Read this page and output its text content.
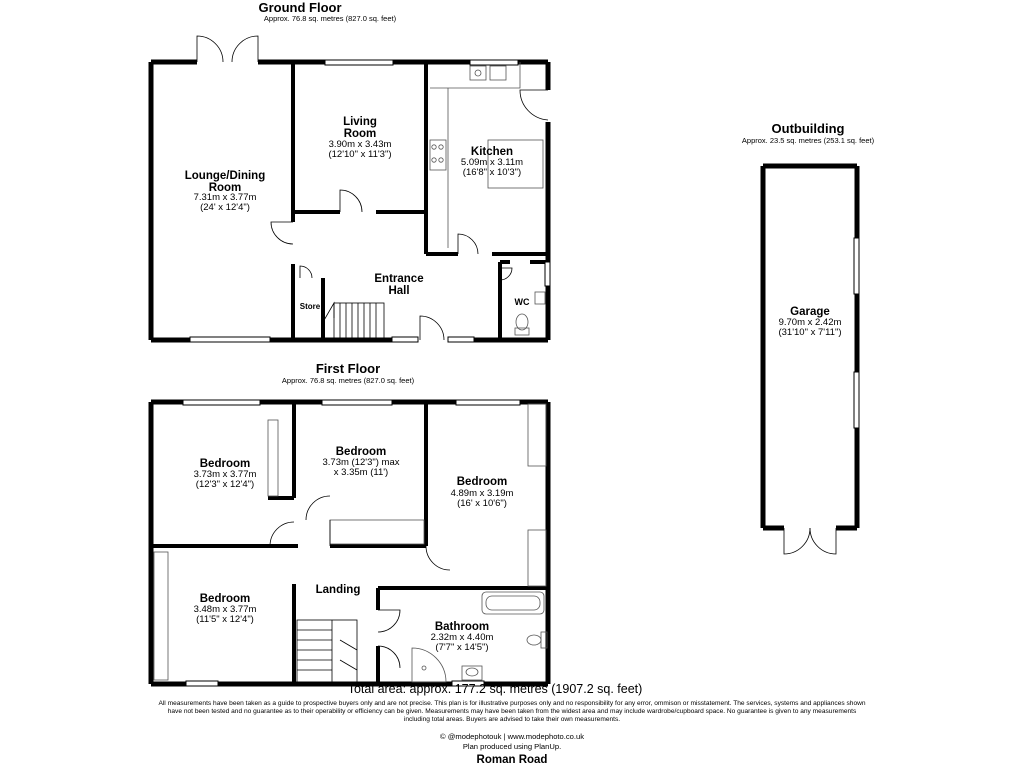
Ground Floor
Approx. 76.8 sq. metres (827.0 sq. feet)
First Floor
Approx. 76.8 sq. metres (827.0 sq. feet)
Outbuilding
Approx. 23.5 sq. metres (253.1 sq. feet)
Lounge/Dining
Room
7.31m x 3.77m
(24' x 12'4")
Living
Room
3.90m x 3.43m
(12'10" x 11'3")	Kitchen
5.09m x 3.11m
(16'8" x 10'3")
Entrance
Hall
Store	WC
Bedroom
3.73m x 3.77m
(12'3" x 12'4")
Bedroom
3.73m (12'3") max
x 3.35m (11')
Bedroom
4.89m x 3.19m
(16' x 10'6")
Bedroom
3.48m x 3.77m
(11'5" x 12'4")
Landing
Bathroom
2.32m x 4.40m
(7'7" x 14'5")
Garage
9.70m x 2.42m
(31'10" x 7'11")
Total area: approx. 177.2 sq. metres (1907.2 sq. feet)
All measurements have been taken as a guide to prospective buyers only and are not precise. This plan is for illustrative purposes only and no responsibility for any error, ommison or misstatement. The services, systems and appliances shown have not been tested and no guarantee as to their operability or efficiency can be given. Measurements may have been taken from the widest area and may include wardrobe/cupboard space. No guarantee is given to any measurements including total areas. Buyers are advised to take their own measurements.
© @modephotouk | www.modephoto.co.uk
Plan produced using PlanUp.
Roman Road
